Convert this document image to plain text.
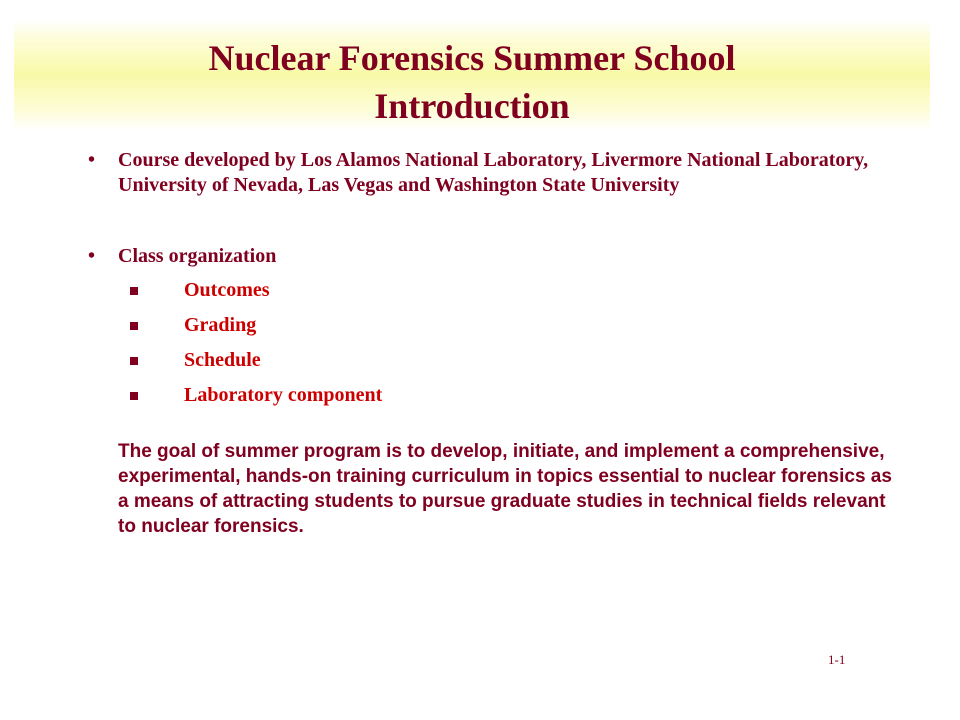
Nuclear Forensics Summer School
Introduction
• Course developed by Los Alamos National Laboratory, Livermore National Laboratory, University of Nevada, Las Vegas and Washington State University
• Class organization
Outcomes
Grading
Schedule
Laboratory component
The goal of summer program is to develop, initiate, and implement a comprehensive, experimental, hands-on training curriculum in topics essential to nuclear forensics as a means of attracting students to pursue graduate studies in technical fields relevant to nuclear forensics.
1-1
